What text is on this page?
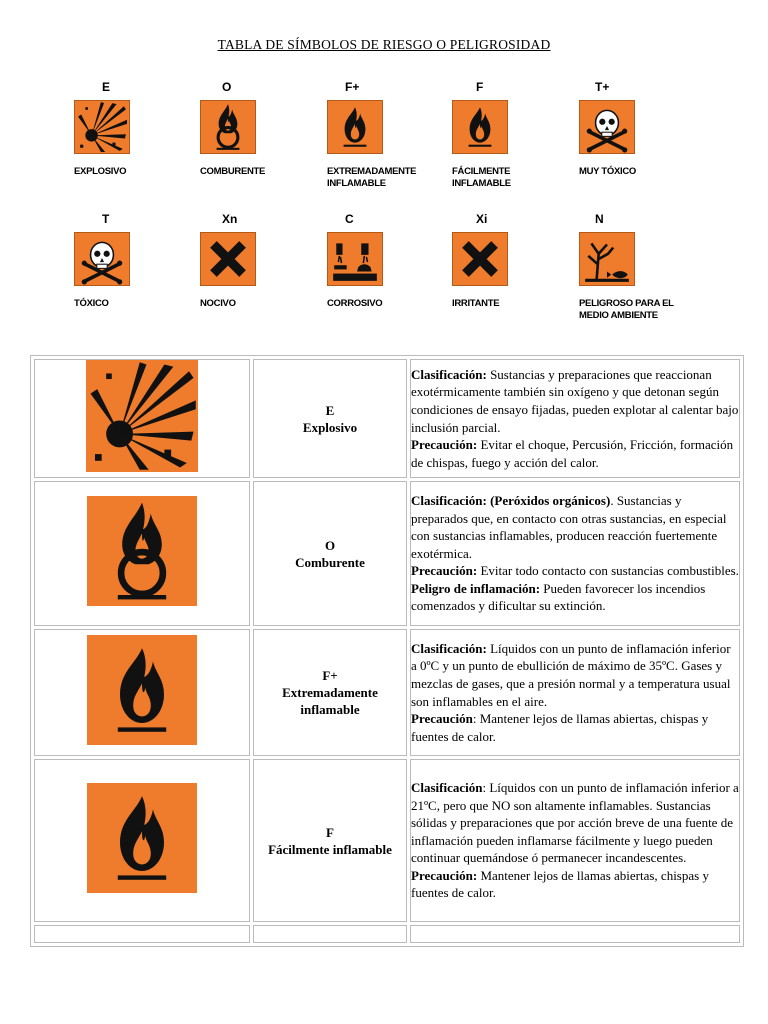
TABLA DE SÍMBOLOS DE RIESGO O PELIGROSIDAD
E
EXPLOSIVO
O
COMBURENTE
F+
EXTREMADAMENTE INFLAMABLE
F
FÁCILMENTE INFLAMABLE
T+
MUY TÓXICO
T
TÓXICO
Xn
NOCIVO
C
CORROSIVO
Xi
IRRITANTE
N
PELIGROSO PARA EL MEDIO AMBIENTE
	E
Explosivo	Clasificación: Sustancias y preparaciones que reaccionan exotérmicamente también sin oxígeno y que detonan según condiciones de ensayo fijadas, pueden explotar al calentar bajo inclusión parcial.
Precaución: Evitar el choque, Percusión, Fricción, formación de chispas, fuego y acción del calor.

	O
Comburente	Clasificación: (Peróxidos orgánicos). Sustancias y preparados que, en contacto con otras sustancias, en especial con sustancias inflamables, producen reacción fuertemente exotérmica.
Precaución: Evitar todo contacto con sustancias combustibles.
Peligro de inflamación: Pueden favorecer los incendios comenzados y dificultar su extinción.

	F+
Extremadamente inflamable	Clasificación: Líquidos con un punto de inflamación inferior a 0ºC y un punto de ebullición de máximo de 35ºC. Gases y mezclas de gases, que a presión normal y a temperatura usual son inflamables en el aire.
Precaución: Mantener lejos de llamas abiertas, chispas y fuentes de calor.

	F
Fácilmente inflamable	Clasificación: Líquidos con un punto de inflamación inferior a 21ºC, pero que NO son altamente inflamables. Sustancias sólidas y preparaciones que por acción breve de una fuente de inflamación pueden inflamarse fácilmente y luego pueden continuar quemándose ó permanecer incandescentes.
Precaución: Mantener lejos de llamas abiertas, chispas y fuentes de calor.
